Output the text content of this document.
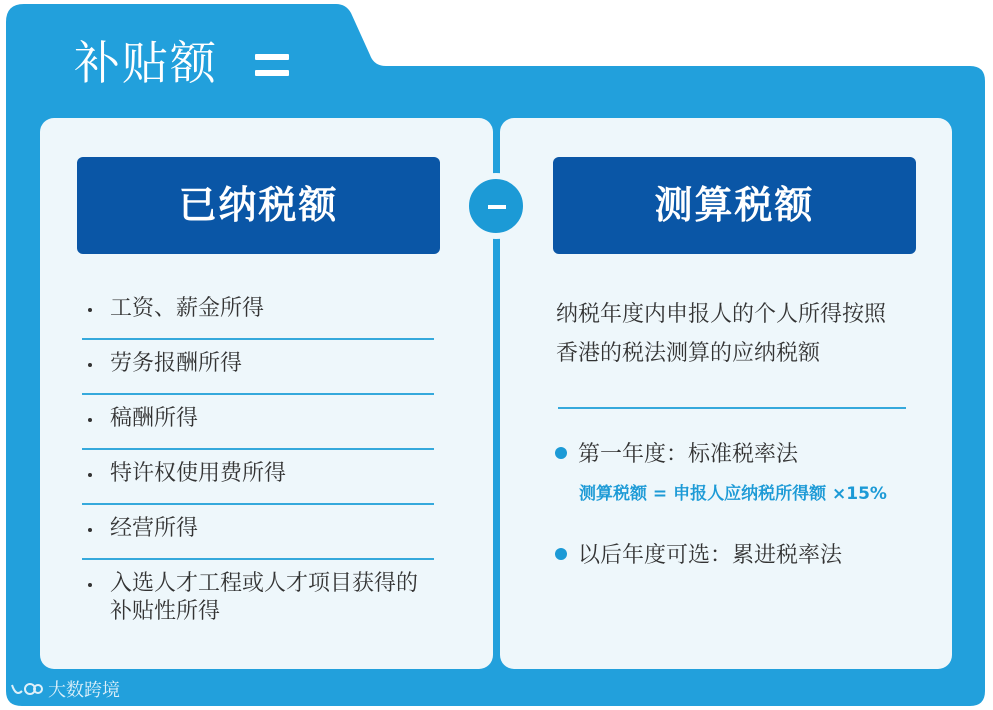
补贴额
已纳税额	测算税额
工资、薪金所得
劳务报酬所得
稿酬所得
特许权使用费所得
经营所得
入选人才工程或人才项目获得的补贴性所得
纳税年度内申报人的个人所得按照
香港的税法测算的应纳税额
第一年度：标准税率法
测算税额 = 申报人应纳税所得额 ×15%
以后年度可选：累进税率法
大数跨境
